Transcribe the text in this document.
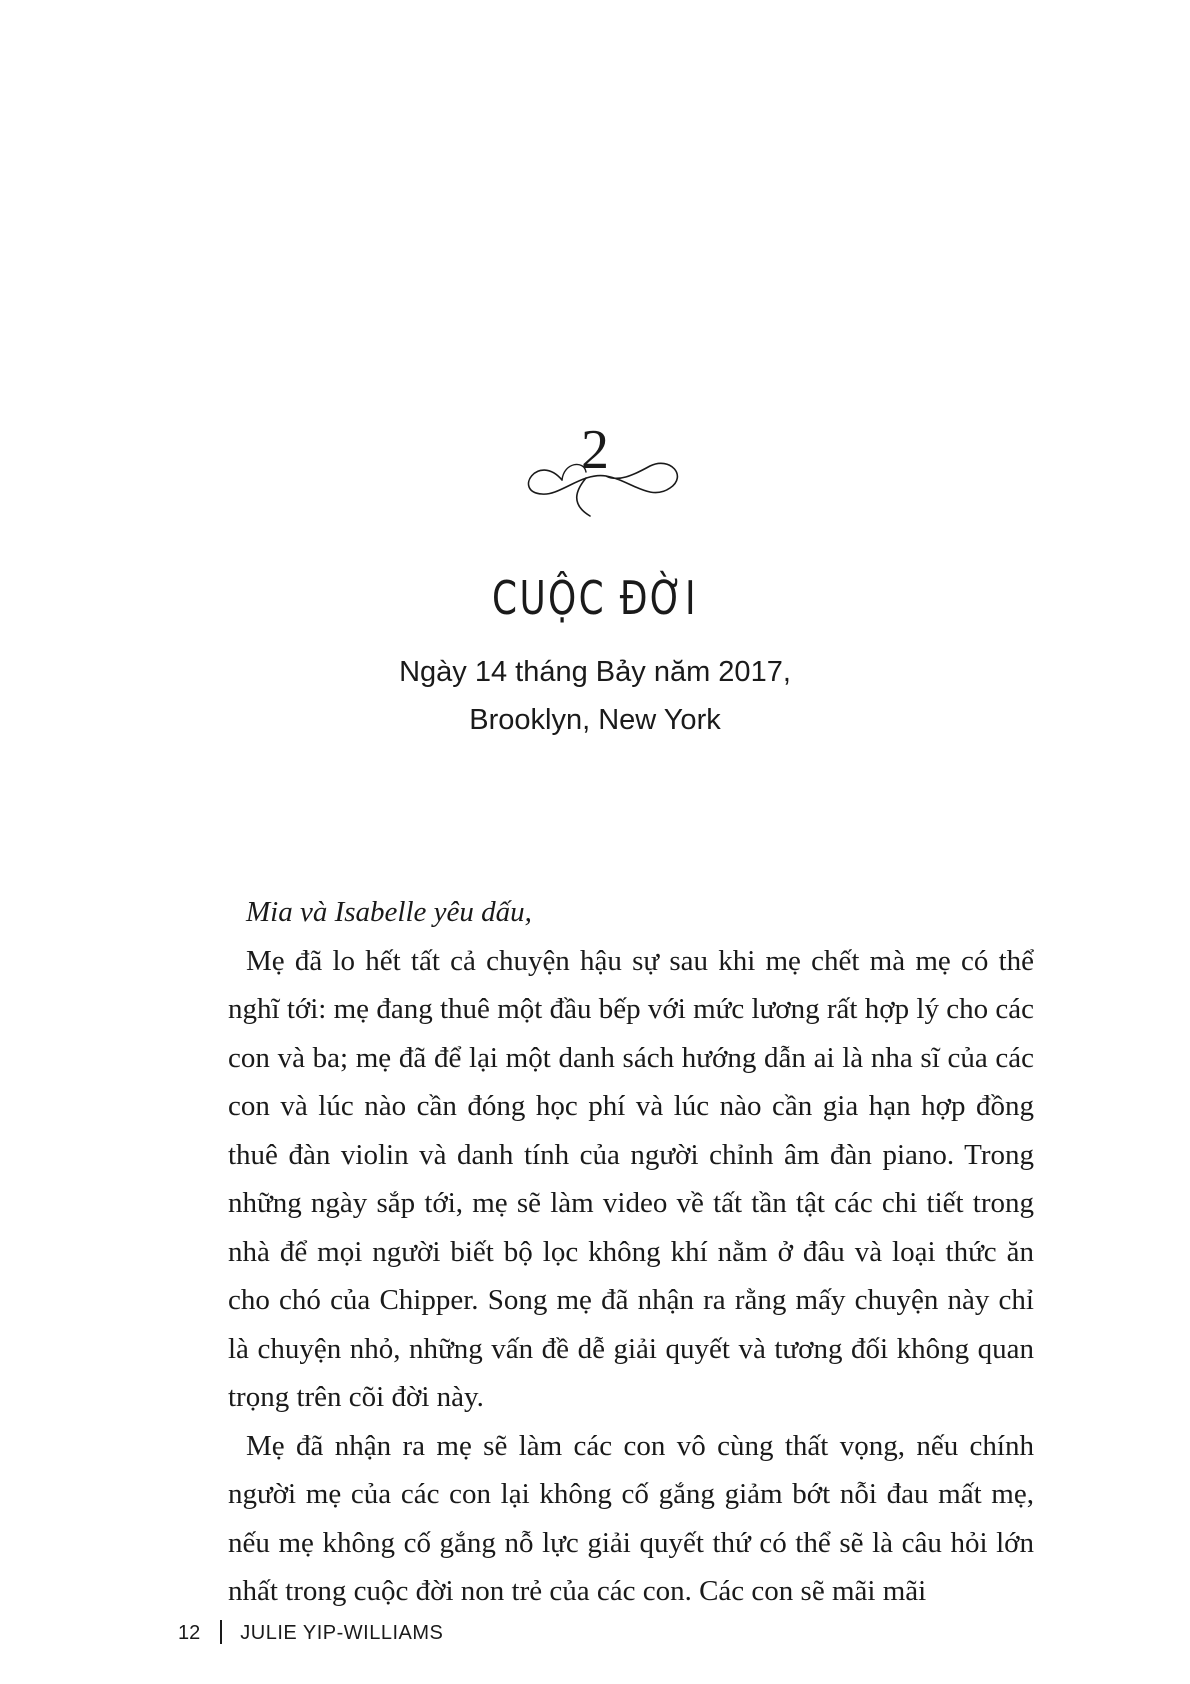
2
CUỘC ĐỜI
Ngày 14 tháng Bảy năm 2017,
Brooklyn, New York

Mia và Isabelle yêu dấu,

Mẹ đã lo hết tất cả chuyện hậu sự sau khi mẹ chết mà mẹ có thể nghĩ tới: mẹ đang thuê một đầu bếp với mức lương rất hợp lý cho các con và ba; mẹ đã để lại một danh sách hướng dẫn ai là nha sĩ của các con và lúc nào cần đóng học phí và lúc nào cần gia hạn hợp đồng thuê đàn violin và danh tính của người chỉnh âm đàn piano. Trong những ngày sắp tới, mẹ sẽ làm video về tất tần tật các chi tiết trong nhà để mọi người biết bộ lọc không khí nằm ở đâu và loại thức ăn cho chó của Chipper. Song mẹ đã nhận ra rằng mấy chuyện này chỉ là chuyện nhỏ, những vấn đề dễ giải quyết và tương đối không quan trọng trên cõi đời này.

Mẹ đã nhận ra mẹ sẽ làm các con vô cùng thất vọng, nếu chính người mẹ của các con lại không cố gắng giảm bớt nỗi đau mất mẹ, nếu mẹ không cố gắng nỗ lực giải quyết thứ có thể sẽ là câu hỏi lớn nhất trong cuộc đời non trẻ của các con. Các con sẽ mãi mãi

12 JULIE YIP-WILLIAMS
